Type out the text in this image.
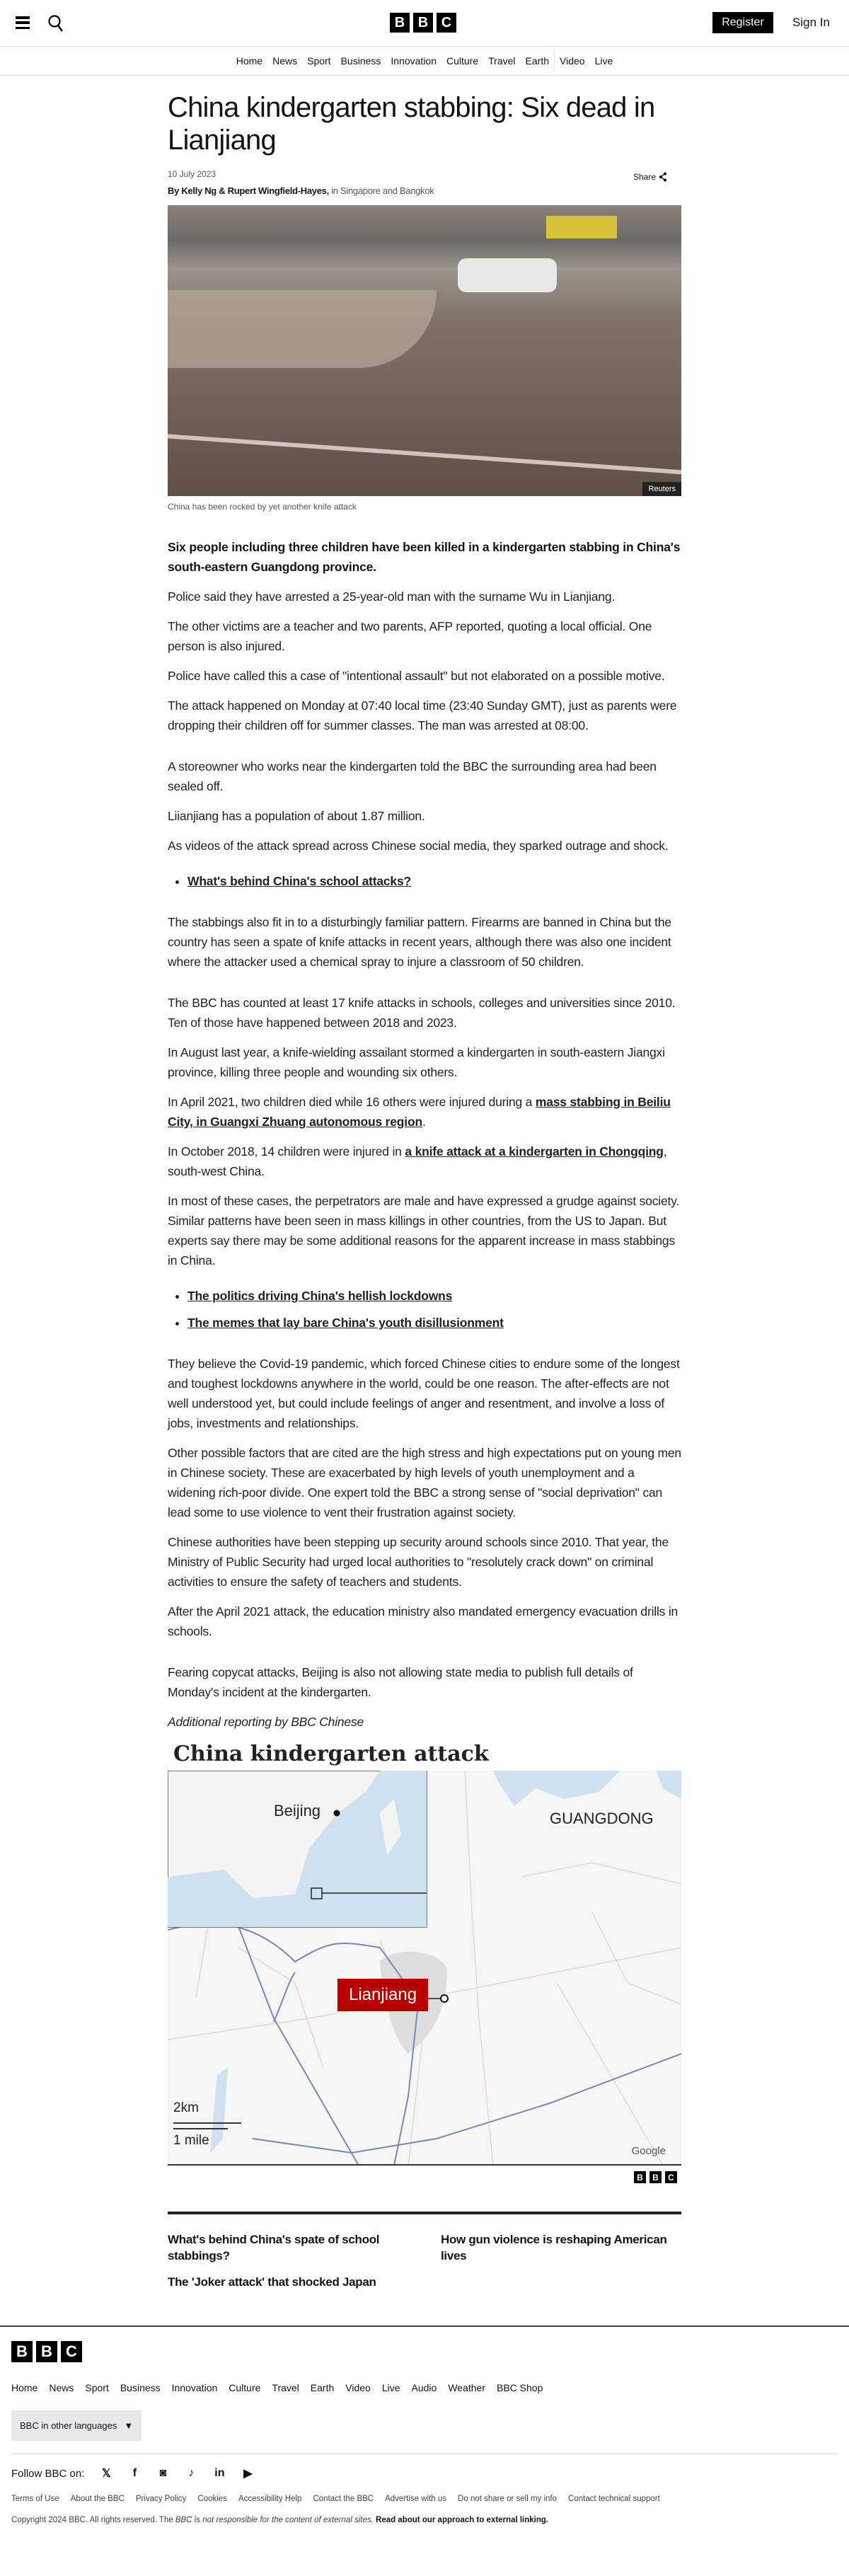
B B C	Register	Sign In
Home News Sport Business Innovation Culture Travel Earth Video Live
China kindergarten stabbing: Six dead in Lianjiang
10 July 2023	Share
By Kelly Ng & Rupert Wingfield-Hayes, in Singapore and Bangkok
Reuters
China has been rocked by yet another knife attack

Six people including three children have been killed in a kindergarten stabbing in China's south-eastern Guangdong province.

Police said they have arrested a 25-year-old man with the surname Wu in Lianjiang.

The other victims are a teacher and two parents, AFP reported, quoting a local official. One person is also injured.

Police have called this a case of "intentional assault" but not elaborated on a possible motive.

The attack happened on Monday at 07:40 local time (23:40 Sunday GMT), just as parents were dropping their children off for summer classes. The man was arrested at 08:00.

A storeowner who works near the kindergarten told the BBC the surrounding area had been sealed off.

Liianjiang has a population of about 1.87 million.

As videos of the attack spread across Chinese social media, they sparked outrage and shock.

• What's behind China's school attacks?

The stabbings also fit in to a disturbingly familiar pattern. Firearms are banned in China but the country has seen a spate of knife attacks in recent years, although there was also one incident where the attacker used a chemical spray to injure a classroom of 50 children.

The BBC has counted at least 17 knife attacks in schools, colleges and universities since 2010. Ten of those have happened between 2018 and 2023.

In August last year, a knife-wielding assailant stormed a kindergarten in south-eastern Jiangxi province, killing three people and wounding six others.

In April 2021, two children died while 16 others were injured during a mass stabbing in Beiliu City, in Guangxi Zhuang autonomous region.

In October 2018, 14 children were injured in a knife attack at a kindergarten in Chongqing, south-west China.

In most of these cases, the perpetrators are male and have expressed a grudge against society. Similar patterns have been seen in mass killings in other countries, from the US to Japan. But experts say there may be some additional reasons for the apparent increase in mass stabbings in China.

• The politics driving China's hellish lockdowns
• The memes that lay bare China's youth disillusionment

They believe the Covid-19 pandemic, which forced Chinese cities to endure some of the longest and toughest lockdowns anywhere in the world, could be one reason. The after-effects are not well understood yet, but could include feelings of anger and resentment, and involve a loss of jobs, investments and relationships.

Other possible factors that are cited are the high stress and high expectations put on young men in Chinese society. These are exacerbated by high levels of youth unemployment and a widening rich-poor divide. One expert told the BBC a strong sense of "social deprivation" can lead some to use violence to vent their frustration against society.

Chinese authorities have been stepping up security around schools since 2010. That year, the Ministry of Public Security had urged local authorities to "resolutely crack down" on criminal activities to ensure the safety of teachers and students.

After the April 2021 attack, the education ministry also mandated emergency evacuation drills in schools.

Fearing copycat attacks, Beijing is also not allowing state media to publish full details of Monday's incident at the kindergarten.

Additional reporting by BBC Chinese

China kindergarten attack
Beijing	GUANGDONG
Lianjiang
2km
1 mile
Google
B	B	C
What's behind China's spate of school stabbings?
How gun violence is reshaping American lives
The 'Joker attack' that shocked Japan
B B C
Home News Sport Business Innovation Culture Travel Earth Video Live Audio Weather BBC Shop
BBC in other languages ▼
Follow BBC on: 𝕏	f	◙	♪	in ▶
Terms of Use About the BBC Privacy Policy Cookies Accessibility Help Contact the BBC Advertise with us Do not share or sell my info Contact technical support
Copyright 2024 BBC. All rights reserved. The BBC is not responsible for the content of external sites. Read about our approach to external linking.
